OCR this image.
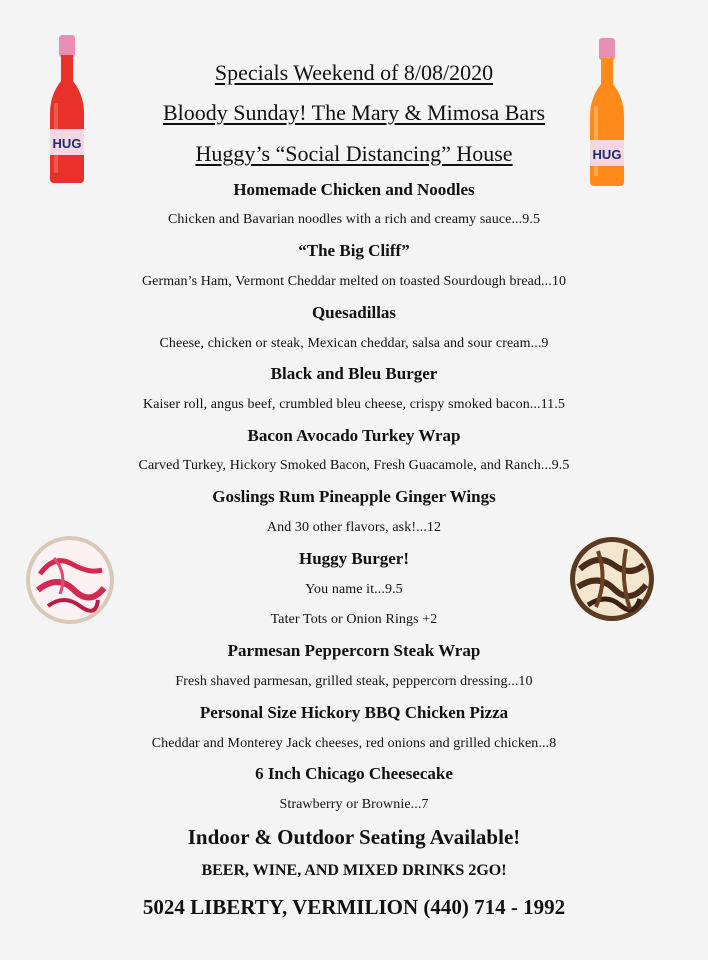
HUG
HUG
Specials Weekend of 8/08/2020
Bloody Sunday! The Mary & Mimosa Bars
Huggy’s “Social Distancing” House
Homemade Chicken and Noodles
Chicken and Bavarian noodles with a rich and creamy sauce...9.5
“The Big Cliff”
German’s Ham, Vermont Cheddar melted on toasted Sourdough bread...10
Quesadillas
Cheese, chicken or steak, Mexican cheddar, salsa and sour cream...9
Black and Bleu Burger
Kaiser roll, angus beef, crumbled bleu cheese, crispy smoked bacon...11.5
Bacon Avocado Turkey Wrap
Carved Turkey, Hickory Smoked Bacon, Fresh Guacamole, and Ranch...9.5
Goslings Rum Pineapple Ginger Wings
And 30 other flavors, ask!...12
Huggy Burger!
You name it...9.5
Tater Tots or Onion Rings +2
Parmesan Peppercorn Steak Wrap
Fresh shaved parmesan, grilled steak, peppercorn dressing...10
Personal Size Hickory BBQ Chicken Pizza
Cheddar and Monterey Jack cheeses, red onions and grilled chicken...8
6 Inch Chicago Cheesecake
Strawberry or Brownie...7
Indoor & Outdoor Seating Available!
BEER, WINE, AND MIXED DRINKS 2GO!
5024 LIBERTY, VERMILION (440) 714 - 1992
